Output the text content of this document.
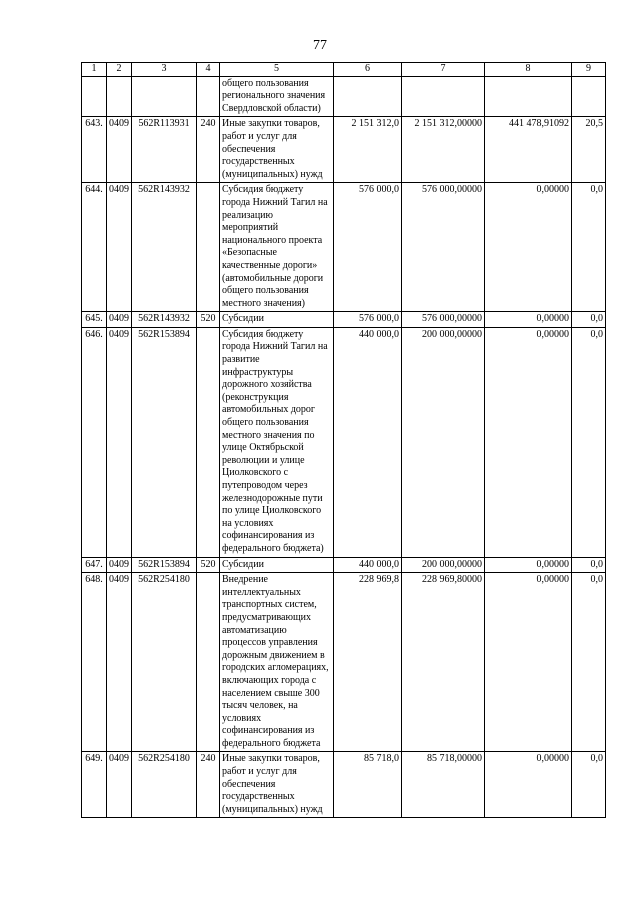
77
1	2	3	4	5	6	7	8	9
				общего пользования регионального значения Свердловской области)				
643.	0409	562R113931	240	Иные закупки товаров, работ и услуг для обеспечения государственных (муниципальных) нужд	2 151 312,0	2 151 312,00000	441 478,91092	20,5
644.	0409	562R143932		Субсидия бюджету города Нижний Тагил на реализацию мероприятий национального проекта «Безопасные качественные дороги» (автомобильные дороги общего пользования местного значения)	576 000,0	576 000,00000	0,00000	0,0
645.	0409	562R143932	520	Субсидии	576 000,0	576 000,00000	0,00000	0,0
646.	0409	562R153894		Субсидия бюджету города Нижний Тагил на развитие инфраструктуры дорожного хозяйства (реконструкция автомобильных дорог общего пользования местного значения по улице Октябрьской революции и улице Циолковского с путепроводом через железнодорожные пути по улице Циолковского на условиях софинансирования из федерального бюджета)	440 000,0	200 000,00000	0,00000	0,0
647.	0409	562R153894	520	Субсидии	440 000,0	200 000,00000	0,00000	0,0
648.	0409	562R254180		Внедрение интеллектуальных транспортных систем, предусматривающих автоматизацию процессов управления дорожным движением в городских агломерациях, включающих города с населением свыше 300 тысяч человек, на условиях софинансирования из федерального бюджета	228 969,8	228 969,80000	0,00000	0,0
649.	0409	562R254180	240	Иные закупки товаров, работ и услуг для обеспечения государственных (муниципальных) нужд	85 718,0	85 718,00000	0,00000	0,0
